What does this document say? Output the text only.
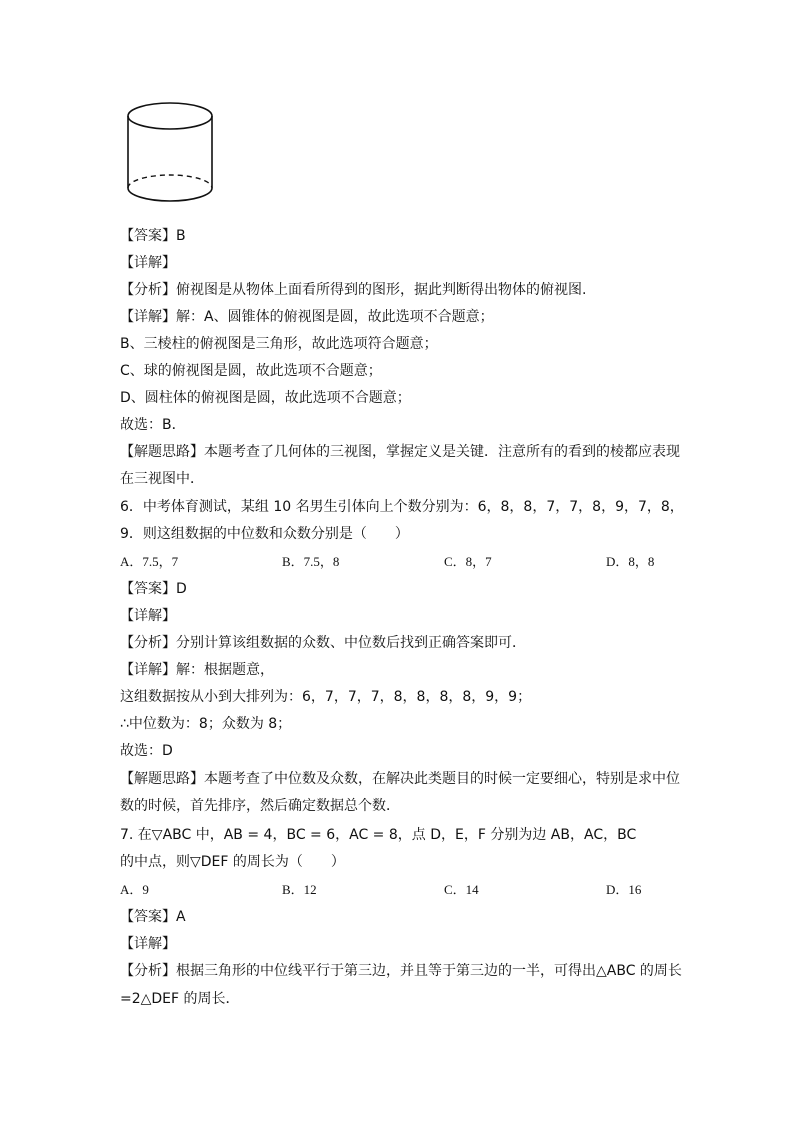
【答案】B
【详解】
【分析】俯视图是从物体上面看所得到的图形，据此判断得出物体的俯视图.
【详解】解：A、圆锥体的俯视图是圆，故此选项不合题意；
B、三棱柱的俯视图是三角形，故此选项符合题意；
C、球的俯视图是圆，故此选项不合题意；
D、圆柱体的俯视图是圆，故此选项不合题意；
故选：B．
【解题思路】本题考查了几何体的三视图，掌握定义是关键．注意所有的看到的棱都应表现
在三视图中．
6．中考体育测试，某组 10 名男生引体向上个数分别为：6，8，8，7，7，8，9，7，8，
9．则这组数据的中位数和众数分别是（　　）
A．7.5，7	B．7.5，8	C．8，7	D．8，8
【答案】D
【详解】
【分析】分别计算该组数据的众数、中位数后找到正确答案即可．
【详解】解：根据题意，
这组数据按从小到大排列为：6，7，7，7，8，8，8，8，9，9；
∴中位数为：8；众数为 8；
故选：D
【解题思路】本题考查了中位数及众数，在解决此类题目的时候一定要细心，特别是求中位
数的时候，首先排序，然后确定数据总个数．
7. 在▽ABC 中，AB = 4，BC = 6，AC = 8，点 D，E，F 分别为边 AB，AC，BC
的中点，则▽DEF 的周长为（　　）
A．9	B．12	C．14	D．16
【答案】A
【详解】
【分析】根据三角形的中位线平行于第三边，并且等于第三边的一半，可得出△ABC 的周长
=2△DEF 的周长．
